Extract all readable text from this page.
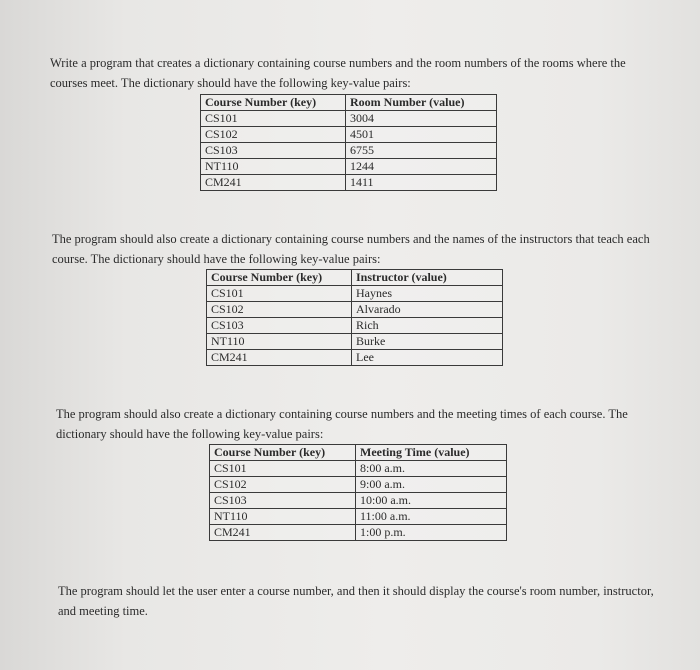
Write a program that creates a dictionary containing course numbers and the room numbers of the rooms where the courses meet. The dictionary should have the following key-value pairs:

Course Number (key)	Room Number (value)
CS101	3004
CS102	4501
CS103	6755
NT110	1244
CM241	1411

The program should also create a dictionary containing course numbers and the names of the instructors that teach each course. The dictionary should have the following key-value pairs:

Course Number (key)	Instructor (value)
CS101	Haynes
CS102	Alvarado
CS103	Rich
NT110	Burke
CM241	Lee

The program should also create a dictionary containing course numbers and the meeting times of each course. The dictionary should have the following key-value pairs:

Course Number (key)	Meeting Time (value)
CS101	8:00 a.m.
CS102	9:00 a.m.
CS103	10:00 a.m.
NT110	11:00 a.m.
CM241	1:00 p.m.

The program should let the user enter a course number, and then it should display the course's room number, instructor, and meeting time.
